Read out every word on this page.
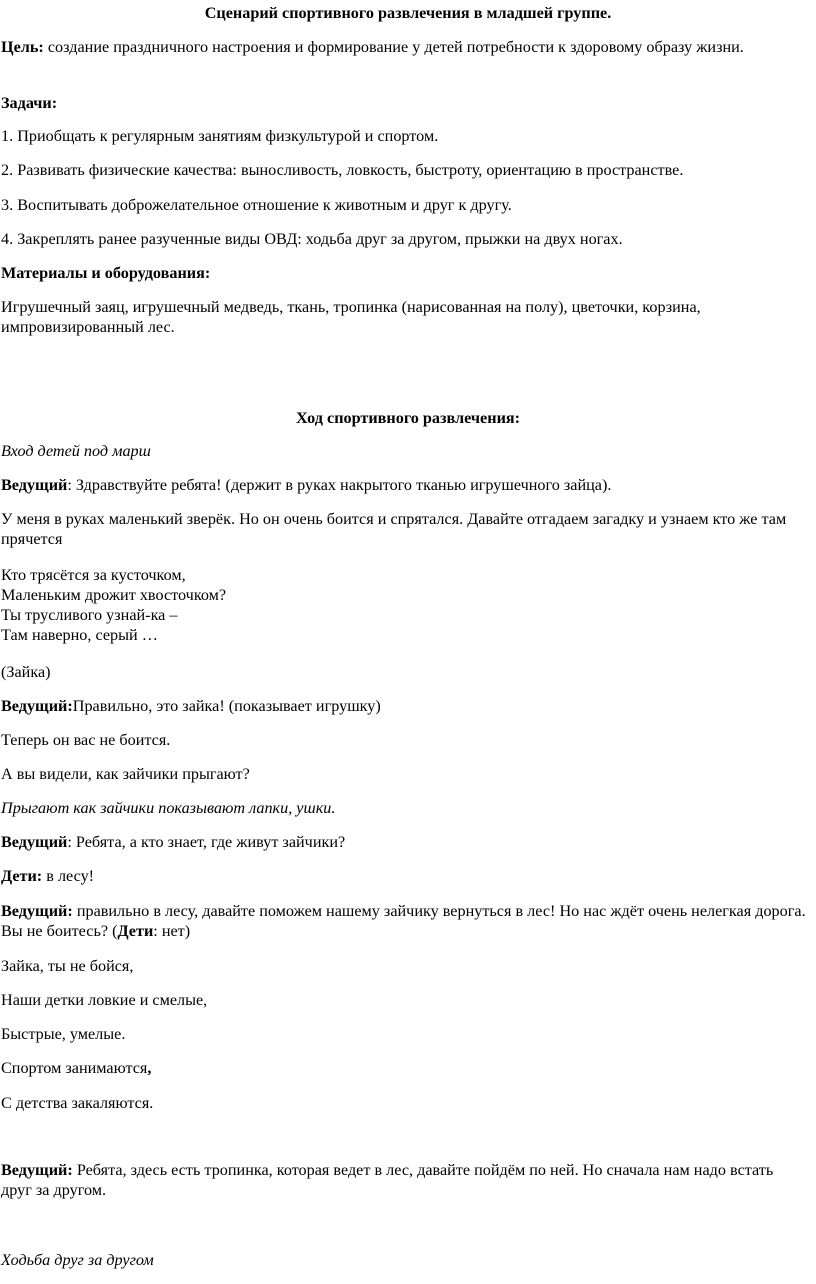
Сценарий спортивного развлечения в младшей группе.
Цель: создание праздничного настроения и формирование у детей потребности к здоровому образу жизни.
Задачи:
1. Приобщать к регулярным занятиям физкультурой и спортом.
2. Развивать физические качества: выносливость, ловкость, быстроту, ориентацию в пространстве.
3. Воспитывать доброжелательное отношение к животным и друг к другу.
4. Закреплять ранее разученные виды ОВД: ходьба друг за другом, прыжки на двух ногах.
Материалы и оборудования:
Игрушечный заяц, игрушечный медведь, ткань, тропинка (нарисованная на полу), цветочки, корзина, импровизированный лес.
Ход спортивного развлечения:
Вход детей под марш
Ведущий: Здравствуйте ребята! (держит в руках накрытого тканью игрушечного зайца).
У меня в руках маленький зверёк. Но он очень боится и спрятался. Давайте отгадаем загадку и узнаем кто же там прячется
Кто трясётся за кусточком,
Маленьким дрожит хвосточком?
Ты трусливого узнай-ка –
Там наверно, серый …
(Зайка)
Ведущий:Правильно, это зайка! (показывает игрушку)
Теперь он вас не боится.
А вы видели, как зайчики прыгают?
Прыгают как зайчики показывают лапки, ушки.
Ведущий: Ребята, а кто знает, где живут зайчики?
Дети: в лесу!
Ведущий: правильно в лесу, давайте поможем нашему зайчику вернуться в лес! Но нас ждёт очень нелегкая дорога. Вы не боитесь? (Дети: нет)
Зайка, ты не бойся,
Наши детки ловкие и смелые,
Быстрые, умелые.
Спортом занимаются,
С детства закаляются.
Ведущий: Ребята, здесь есть тропинка, которая ведет в лес, давайте пойдём по ней. Но сначала нам надо встать друг за другом.
Ходьба друг за другом
